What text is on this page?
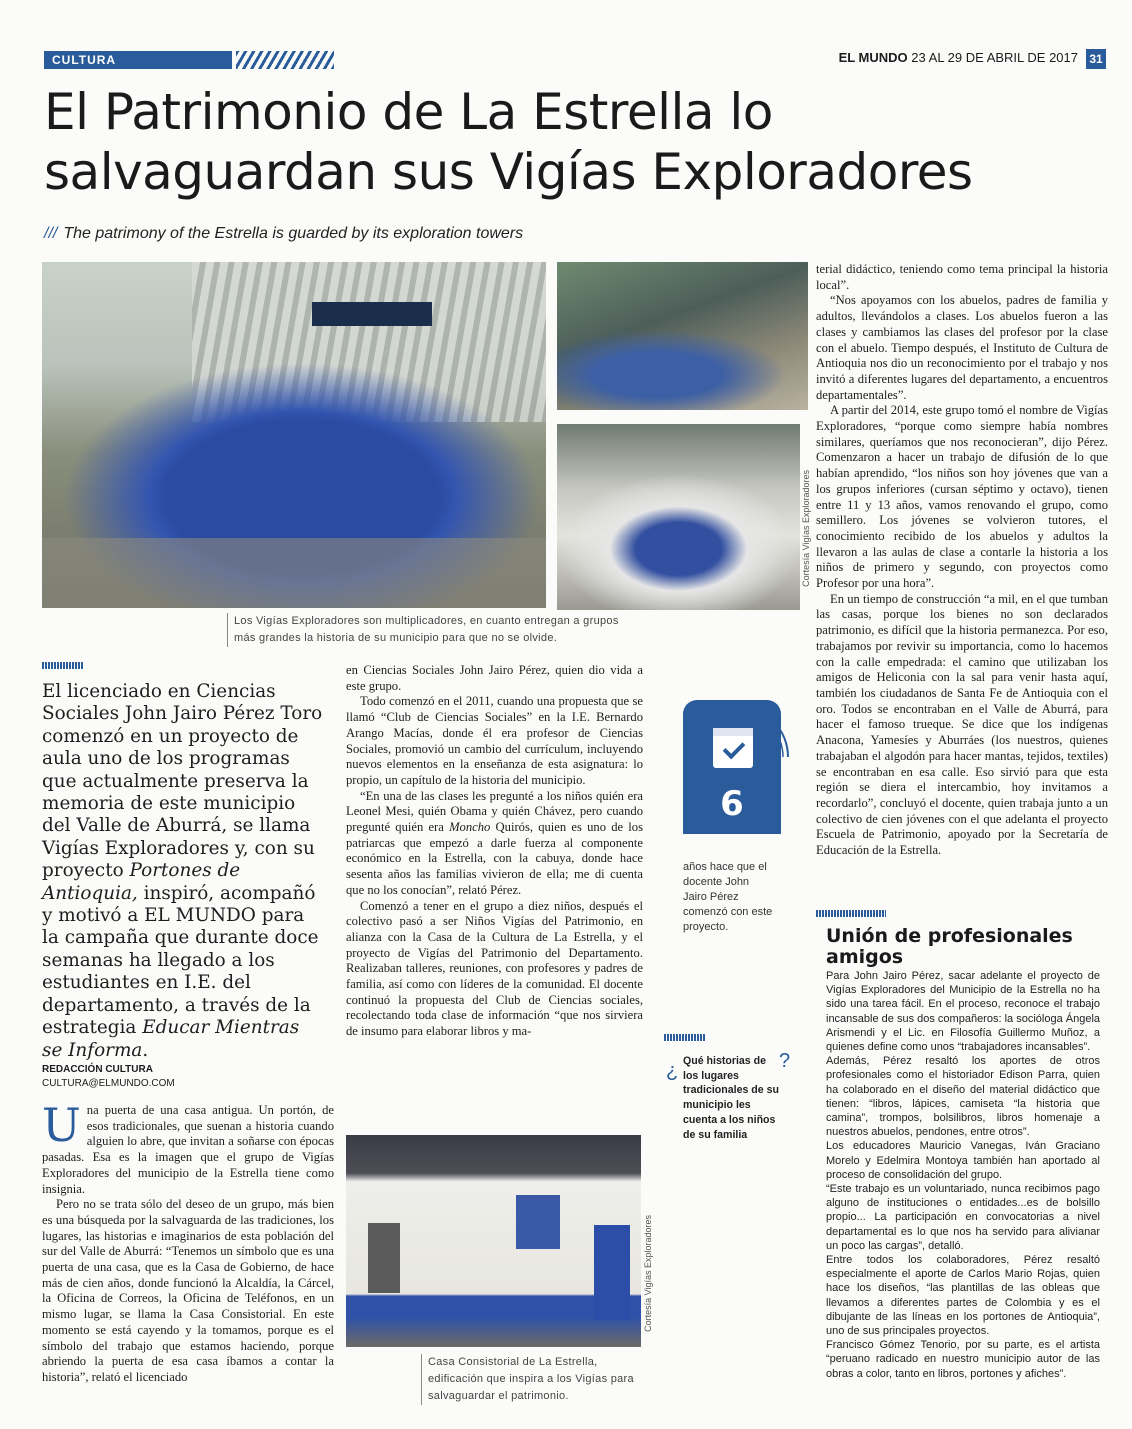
CULTURA	EL MUNDO 23 AL 29 DE ABRIL DE 2017 31
El Patrimonio de La Estrella lo salvaguardan sus Vigías Exploradores
/// The patrimony of the Estrella is guarded by its exploration towers
Cortesía Vigías Exploradores
Los Vigías Exploradores son multiplicadores, en cuanto entregan a grupos más grandes la historia de su municipio para que no se olvide.
Cortesía Vigías Exploradores
Casa Consistorial de La Estrella, edificación que inspira a los Vigías para salvaguardar el patrimonio.
El licenciado en Ciencias Sociales John Jairo Pérez Toro comenzó en un proyecto de aula uno de los programas que actualmente preserva la memoria de este municipio del Valle de Aburrá, se llama Vigías Exploradores y, con su proyecto Portones de Antioquia, inspiró, acompañó y motivó a EL MUNDO para la campaña que durante doce semanas ha llegado a los estudiantes en I.E. del departamento, a través de la estrategia Educar Mientras se Informa.
REDACCIÓN CULTURA
CULTURA@ELMUNDO.COM

Una puerta de una casa antigua. Un portón, de esos tradicionales, que suenan a historia cuando alguien lo abre, que invitan a soñarse con épocas pasadas. Esa es la imagen que el grupo de Vigías Exploradores del municipio de la Estrella tiene como insignia.

Pero no se trata sólo del deseo de un grupo, más bien es una búsqueda por la salvaguarda de las tradiciones, los lugares, las historias e imaginarios de esta población del sur del Valle de Aburrá: “Tenemos un símbolo que es una puerta de una casa, que es la Casa de Gobierno, de hace más de cien años, donde funcionó la Alcaldía, la Cárcel, la Oficina de Correos, la Oficina de Teléfonos, en un mismo lugar, se llama la Casa Consistorial. En este momento se está cayendo y la tomamos, porque es el símbolo del trabajo que estamos haciendo, porque abriendo la puerta de esa casa íbamos a contar la historia”, relató el licenciado

en Ciencias Sociales John Jairo Pérez, quien dio vida a este grupo.

Todo comenzó en el 2011, cuando una propuesta que se llamó “Club de Ciencias Sociales” en la I.E. Bernardo Arango Macías, donde él era profesor de Ciencias Sociales, promovió un cambio del currículum, incluyendo nuevos elementos en la enseñanza de esta asignatura: lo propio, un capítulo de la historia del municipio.

“En una de las clases les pregunté a los niños quién era Leonel Mesi, quién Obama y quién Chávez, pero cuando pregunté quién era Moncho Quirós, quien es uno de los patriarcas que empezó a darle fuerza al componente económico en la Estrella, con la cabuya, donde hace sesenta años las familias vivieron de ella; me di cuenta que no los conocían”, relató Pérez.

Comenzó a tener en el grupo a diez niños, después el colectivo pasó a ser Niños Vigías del Patrimonio, en alianza con la Casa de la Cultura de La Estrella, y el proyecto de Vigías del Patrimonio del Departamento. Realizaban talleres, reuniones, con profesores y padres de familia, así como con líderes de la comunidad. El docente continuó la propuesta del Club de Ciencias sociales, recolectando toda clase de información “que nos sirviera de insumo para elaborar libros y ma-

terial didáctico, teniendo como tema principal la historia local”.

“Nos apoyamos con los abuelos, padres de familia y adultos, llevándolos a clases. Los abuelos fueron a las clases y cambiamos las clases del profesor por la clase con el abuelo. Tiempo después, el Instituto de Cultura de Antioquia nos dio un reconocimiento por el trabajo y nos invitó a diferentes lugares del departamento, a encuentros departamentales”.

A partir del 2014, este grupo tomó el nombre de Vigías Exploradores, “porque como siempre había nombres similares, queríamos que nos reconocieran”, dijo Pérez. Comenzaron a hacer un trabajo de difusión de lo que habían aprendido, “los niños son hoy jóvenes que van a los grupos inferiores (cursan séptimo y octavo), tienen entre 11 y 13 años, vamos renovando el grupo, como semillero. Los jóvenes se volvieron tutores, el conocimiento recibido de los abuelos y adultos la llevaron a las aulas de clase a contarle la historia a los niños de primero y segundo, con proyectos como Profesor por una hora”.

En un tiempo de construcción “a mil, en el que tumban las casas, porque los bienes no son declarados patrimonio, es difícil que la historia permanezca. Por eso, trabajamos por revivir su importancia, como lo hacemos con la calle empedrada: el camino que utilizaban los amigos de Heliconia con la sal para venir hasta aquí, también los ciudadanos de Santa Fe de Antioquia con el oro. Todos se encontraban en el Valle de Aburrá, para hacer el famoso trueque. Se dice que los indígenas Anacona, Yamesíes y Aburráes (los nuestros, quienes trabajaban el algodón para hacer mantas, tejidos, textiles) se encontraban en esa calle. Eso sirvió para que esta región se diera el intercambio, hoy invitamos a recordarlo”, concluyó el docente, quien trabaja junto a un colectivo de cien jóvenes con el que adelanta el proyecto Escuela de Patrimonio, apoyado por la Secretaría de Educación de la Estrella.

6
años hace que el docente John Jairo Pérez comenzó con este proyecto.
¿	?
Qué historias de los lugares tradicionales de su municipio les cuenta a los niños de su familia
Unión de profesionales amigos

Para John Jairo Pérez, sacar adelante el proyecto de Vigías Exploradores del Municipio de la Estrella no ha sido una tarea fácil. En el proceso, reconoce el trabajo incansable de sus dos compañeros: la socióloga Ángela Arismendi y el Lic. en Filosofía Guillermo Muñoz, a quienes define como unos “trabajadores incansables”.

Además, Pérez resaltó los aportes de otros profesionales como el historiador Edison Parra, quien ha colaborado en el diseño del material didáctico que tienen: “libros, lápices, camiseta “la historia que camina”, trompos, bolsilibros, libros homenaje a nuestros abuelos, pendones, entre otros”.

Los educadores Mauricio Vanegas, Iván Graciano Morelo y Edelmira Montoya también han aportado al proceso de consolidación del grupo.

“Este trabajo es un voluntariado, nunca recibimos pago alguno de instituciones o entidades...es de bolsillo propio... La participación en convocatorias a nivel departamental es lo que nos ha servido para alivianar un poco las cargas”, detalló.

Entre todos los colaboradores, Pérez resaltó especialmente el aporte de Carlos Mario Rojas, quien hace los diseños, “las plantillas de las obleas que llevamos a diferentes partes de Colombia y es el dibujante de las líneas en los portones de Antioquia”, uno de sus principales proyectos.

Francisco Gómez Tenorio, por su parte, es el artista “peruano radicado en nuestro municipio autor de las obras a color, tanto en libros, portones y afiches”.
